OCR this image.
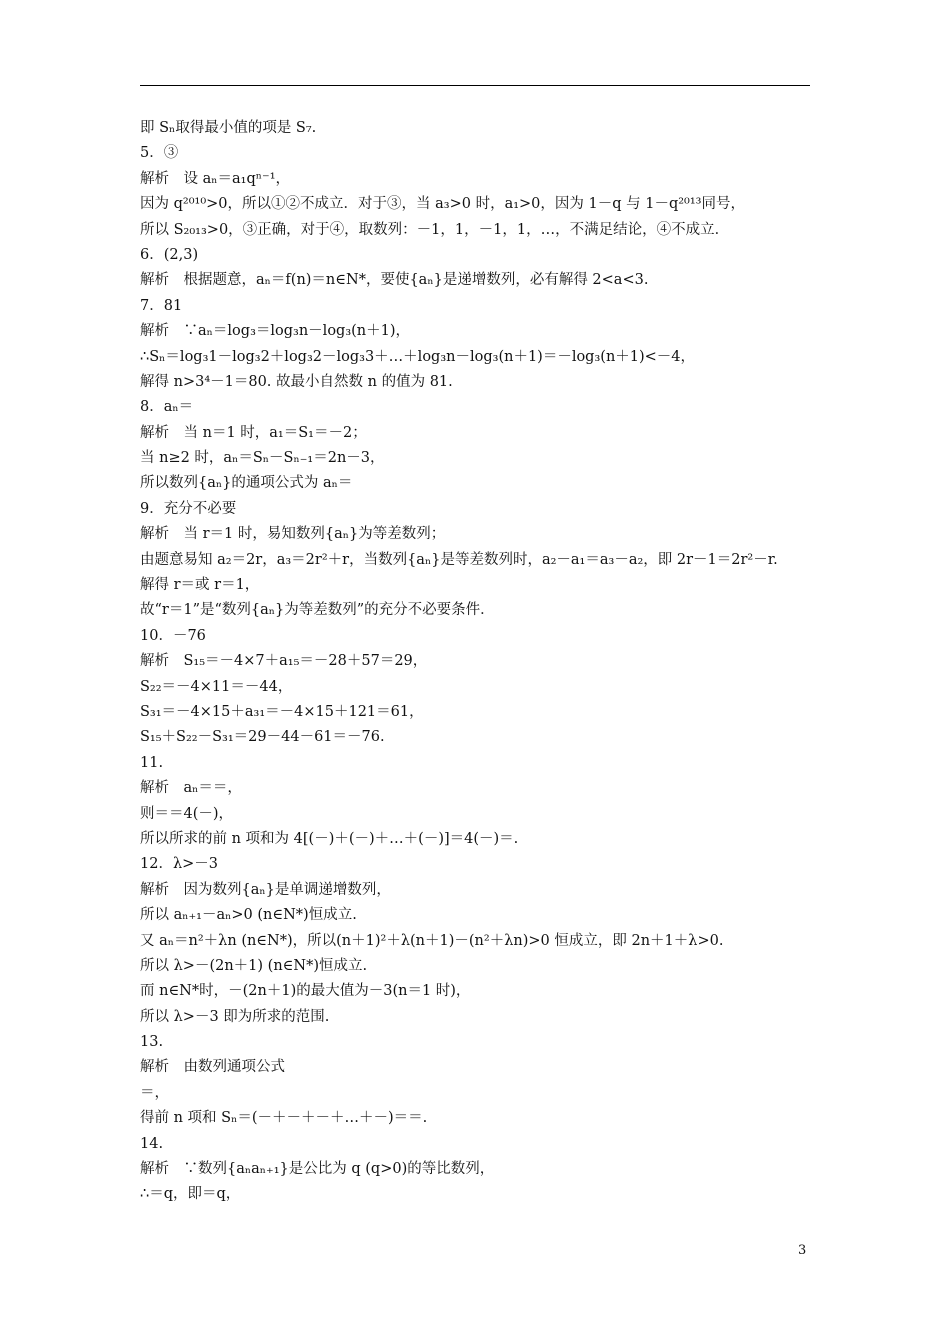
即 Sₙ取得最小值的项是 S₇.
5．③
解析　设 aₙ＝a₁qⁿ⁻¹，
因为 q²⁰¹⁰>0，所以①②不成立．对于③，当 a₃>0 时，a₁>0，因为 1－q 与 1－q²⁰¹³同号，
所以 S₂₀₁₃>0，③正确，对于④，取数列：－1，1，－1，1，…，不满足结论，④不成立．
6．(2,3)
解析　根据题意，aₙ＝f(n)＝n∈N*，要使{aₙ}是递增数列，必有解得 2<a<3.
7．81
解析　∵aₙ＝log₃＝log₃n－log₃(n＋1)，
∴Sₙ＝log₃1－log₃2＋log₃2－log₃3＋…＋log₃n－log₃(n＋1)＝－log₃(n＋1)<－4，
解得 n>3⁴－1＝80. 故最小自然数 n 的值为 81.
8．aₙ＝
解析　当 n＝1 时，a₁＝S₁＝－2；
当 n≥2 时，aₙ＝Sₙ－Sₙ₋₁＝2n－3，
所以数列{aₙ}的通项公式为 aₙ＝
9．充分不必要
解析　当 r＝1 时，易知数列{aₙ}为等差数列；
由题意易知 a₂＝2r，a₃＝2r²＋r，当数列{aₙ}是等差数列时，a₂－a₁＝a₃－a₂，即 2r－1＝2r²－r.
解得 r＝或 r＝1，
故“r＝1”是“数列{aₙ}为等差数列”的充分不必要条件．
10．－76
解析　S₁₅＝－4×7＋a₁₅＝－28＋57＝29，
S₂₂＝－4×11＝－44，
S₃₁＝－4×15＋a₃₁＝－4×15＋121＝61，
S₁₅＋S₂₂－S₃₁＝29－44－61＝－76.
11.
解析　aₙ＝＝，
则＝＝4(－)，
所以所求的前 n 项和为 4[(－)＋(－)＋…＋(－)]＝4(－)＝.
12．λ>－3
解析　因为数列{aₙ}是单调递增数列，
所以 aₙ₊₁－aₙ>0 (n∈N*)恒成立.
又 aₙ＝n²＋λn (n∈N*)，所以(n＋1)²＋λ(n＋1)－(n²＋λn)>0 恒成立，即 2n＋1＋λ>0.
所以 λ>－(2n＋1) (n∈N*)恒成立.
而 n∈N*时，－(2n＋1)的最大值为－3(n＝1 时)，
所以 λ>－3 即为所求的范围.
13.
解析　由数列通项公式
＝，
得前 n 项和 Sₙ＝(－＋－＋－＋…＋－)＝＝.
14.
解析　∵数列{aₙaₙ₊₁}是公比为 q (q>0)的等比数列，
∴＝q，即＝q，
3
